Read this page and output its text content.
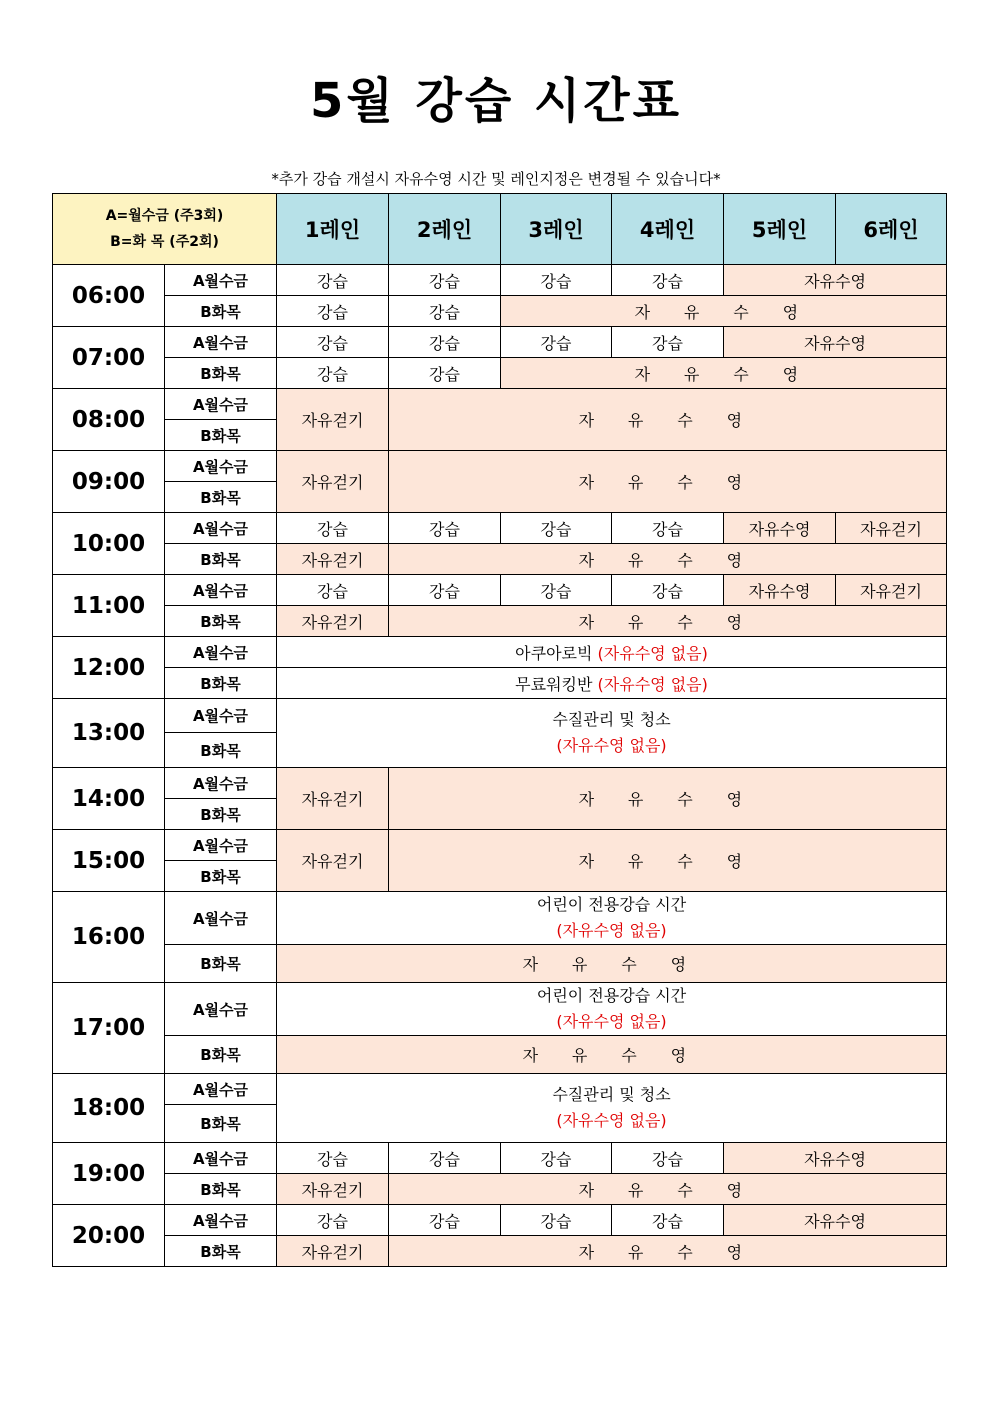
5월 강습 시간표
*추가 강습 개설시 자유수영 시간 및 레인지정은 변경될 수 있습니다*
A=월수금 (주3회)
B=화 목 (주2회)		1레인	2레인	3레인	4레인	5레인	6레인
06:00	A월수금	강습	강습	강습	강습	자유수영	
	B화목	강습	강습	자 유 수 영			
07:00	A월수금	강습	강습	강습	강습	자유수영	
	B화목	강습	강습	자 유 수 영			
08:00	A월수금	자유걷기	자 유 수 영				
	B화목						
09:00	A월수금	자유걷기	자 유 수 영				
	B화목						
10:00	A월수금	강습	강습	강습	강습	자유수영	자유걷기
	B화목	자유걷기	자 유 수 영				
11:00	A월수금	강습	강습	강습	강습	자유수영	자유걷기
	B화목	자유걷기	자 유 수 영				
12:00	A월수금	아쿠아로빅 (자유수영 없음)					
	B화목	무료워킹반 (자유수영 없음)					
13:00	A월수금	수질관리 및 청소
(자유수영 없음)					

	B화목						
14:00	A월수금	자유걷기	자 유 수 영				
	B화목						
15:00	A월수금	자유걷기	자 유 수 영				
	B화목						
16:00	A월수금	어린이 전용강습 시간
(자유수영 없음)					

	B화목	자 유 수 영					
17:00	A월수금	어린이 전용강습 시간
(자유수영 없음)					

	B화목	자 유 수 영					
18:00	A월수금	수질관리 및 청소
(자유수영 없음)					

	B화목						
19:00	A월수금	강습	강습	강습	강습	자유수영	
	B화목	자유걷기	자 유 수 영				
20:00	A월수금	강습	강습	강습	강습	자유수영	
	B화목	자유걷기	자 유 수 영				
